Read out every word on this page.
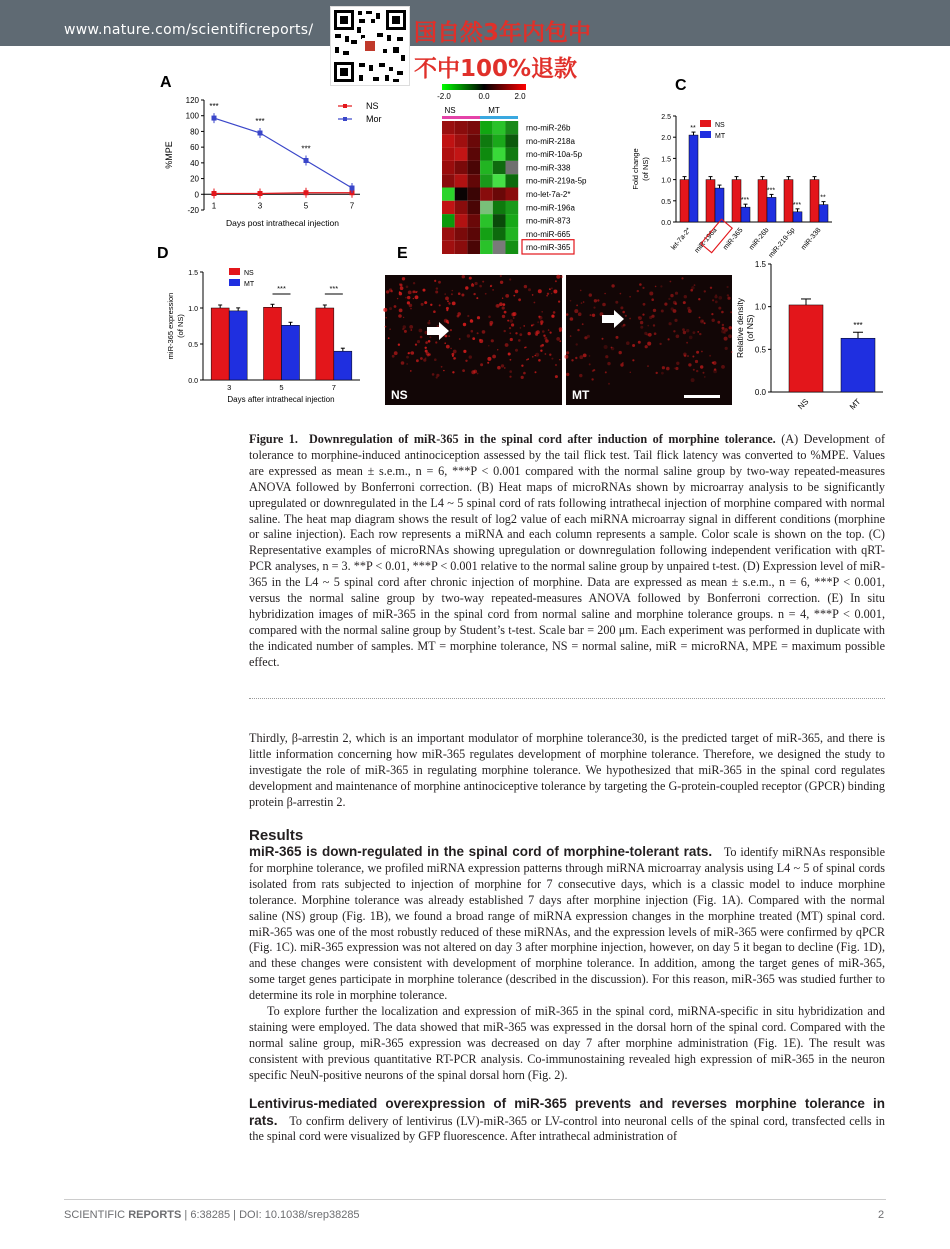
www.nature.com/scientificreports/	国自然3年内包中
不中100%退款
A	C
D	E
-20
0
20
40
60
80
100
120
1	3	5	7
Days post intrathecal injection
%MPE
NS
Mor
***
***
***
-2.0	0.0	2.0
NS	MT
rno-miR-26b
rno-miR-218a
rno-miR-10a-5p
rno-miR-338
rno-miR-219a-5p
rno-let-7a-2*
rno-miR-196a
rno-miR-873
rno-miR-665
rno-miR-365
0.0
0.5
1.0
1.5
2.0
2.5
Fold change (of NS)
let-7a-2*
**
miR-196a miR-365
***
miR-26b
***
miR-219-5p
***
miR-338
**
NS
MT
0.0
0.5
1.0
1.5
miR-365 expression (of NS)
3	5
***
7
***
NS
MT
Days after intrathecal injection	NS	MT	0.0
0.5
1.0
1.5
Relative density (of NS)
NS
***
MT
Figure 1. Downregulation of miR-365 in the spinal cord after induction of morphine tolerance. (A) Development of tolerance to morphine-induced antinociception assessed by the tail flick test. Tail flick latency was converted to %MPE. Values are expressed as mean ± s.e.m., n = 6, ***P < 0.001 compared with the normal saline group by two-way repeated-measures ANOVA followed by Bonferroni correction. (B) Heat maps of microRNAs shown by microarray analysis to be significantly upregulated or downregulated in the L4 ~ 5 spinal cord of rats following intrathecal injection of morphine compared with normal saline. The heat map diagram shows the result of log2 value of each miRNA microarray signal in different conditions (morphine or saline injection). Each row represents a miRNA and each column represents a sample. Color scale is shown on the top. (C) Representative examples of microRNAs showing upregulation or downregulation following independent verification with qRT-PCR analyses, n = 3. **P < 0.01, ***P < 0.001 relative to the normal saline group by unpaired t-test. (D) Expression level of miR-365 in the L4 ~ 5 spinal cord after chronic injection of morphine. Data are expressed as mean ± s.e.m., n = 6, ***P < 0.001, versus the normal saline group by two-way repeated-measures ANOVA followed by Bonferroni correction. (E) In situ hybridization images of miR-365 in the spinal cord from normal saline and morphine tolerance groups. n = 4, ***P < 0.001, compared with the normal saline group by Student’s t-test. Scale bar = 200 μm. Each experiment was performed in duplicate with the indicated number of samples. MT = morphine tolerance, NS = normal saline, miR = microRNA, MPE = maximum possible effect.

Thirdly, β-arrestin 2, which is an important modulator of morphine tolerance30, is the predicted target of miR-365, and there is little information concerning how miR-365 regulates development of morphine tolerance. Therefore, we designed the study to investigate the role of miR-365 in regulating morphine tolerance. We hypothesized that miR-365 in the spinal cord regulates development and maintenance of morphine antinociceptive tolerance by targeting the G-protein-coupled receptor (GPCR) binding protein β-arrestin 2.

Results

miR-365 is down-regulated in the spinal cord of morphine-tolerant rats. To identify miRNAs responsible for morphine tolerance, we profiled miRNA expression patterns through miRNA microarray analysis using L4 ~ 5 of spinal cords isolated from rats subjected to injection of morphine for 7 consecutive days, which is a classic model to induce morphine tolerance. Morphine tolerance was already established 7 days after morphine injection (Fig. 1A). Compared with the normal saline (NS) group (Fig. 1B), we found a broad range of miRNA expression changes in the morphine treated (MT) spinal cord. miR-365 was one of the most robustly reduced of these miRNAs, and the expression levels of miR-365 were confirmed by qPCR (Fig. 1C). miR-365 expression was not altered on day 3 after morphine injection, however, on day 5 it began to decline (Fig. 1D), and these changes were consistent with development of morphine tolerance. In addition, among the target genes of miR-365, some target genes participate in morphine tolerance (described in the discussion). For this reason, miR-365 was studied further to determine its role in morphine tolerance.

To explore further the localization and expression of miR-365 in the spinal cord, miRNA-specific in situ hybridization and staining were employed. The data showed that miR-365 was expressed in the dorsal horn of the spinal cord. Compared with the normal saline group, miR-365 expression was decreased on day 7 after morphine administration (Fig. 1E). The result was consistent with previous quantitative RT-PCR analysis. Co-immunostaining revealed high expression of miR-365 in the neuron specific NeuN-positive neurons of the spinal dorsal horn (Fig. 2).

Lentivirus-mediated overexpression of miR-365 prevents and reverses morphine tolerance in rats. To confirm delivery of lentivirus (LV)-miR-365 or LV-control into neuronal cells of the spinal cord, transfected cells in the spinal cord were visualized by GFP fluorescence. After intrathecal administration of

SCIENTIFIC REPORTS | 6:38285 | DOI: 10.1038/srep38285	2
